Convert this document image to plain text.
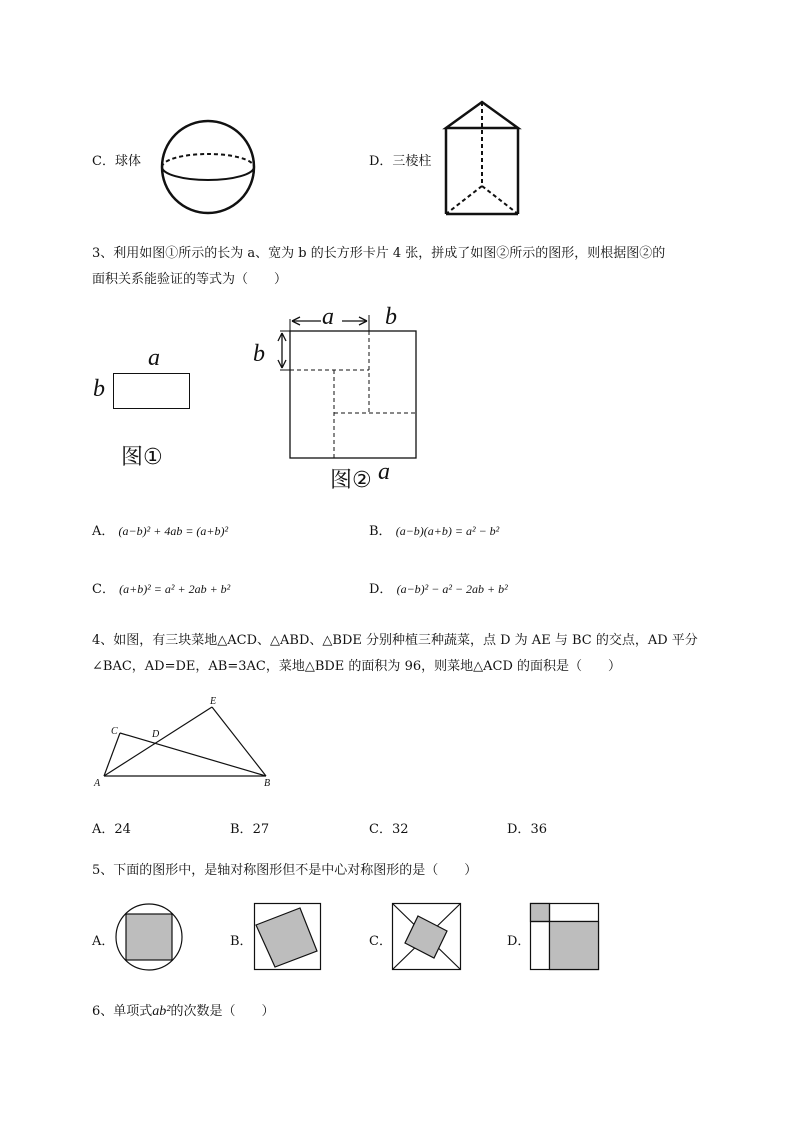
C．球体	D．三棱柱
3、利用如图①所示的长为 a、宽为 b 的长方形卡片 4 张，拼成了如图②所示的图形，则根据图②的
面积关系能验证的等式为（　　）
a
b
图①
a b
b
图② a
A． (a−b)² + 4ab = (a+b)²	B． (a−b)(a+b) = a² − b²
C． (a+b)² = a² + 2ab + b²	D． (a−b)² − a² − 2ab + b²
4、如图，有三块菜地△ACD、△ABD、△BDE 分别种植三种蔬菜，点 D 为 AE 与 BC 的交点，AD 平分
∠BAC，AD=DE，AB=3AC，菜地△BDE 的面积为 96，则菜地△ACD 的面积是（　　）
A	B
C	D
E
A．24	B．27	C．32	D．36
5、下面的图形中，是轴对称图形但不是中心对称图形的是（　　）
A．	B．	C．	D．
6、单项式ab²的次数是（　　）
